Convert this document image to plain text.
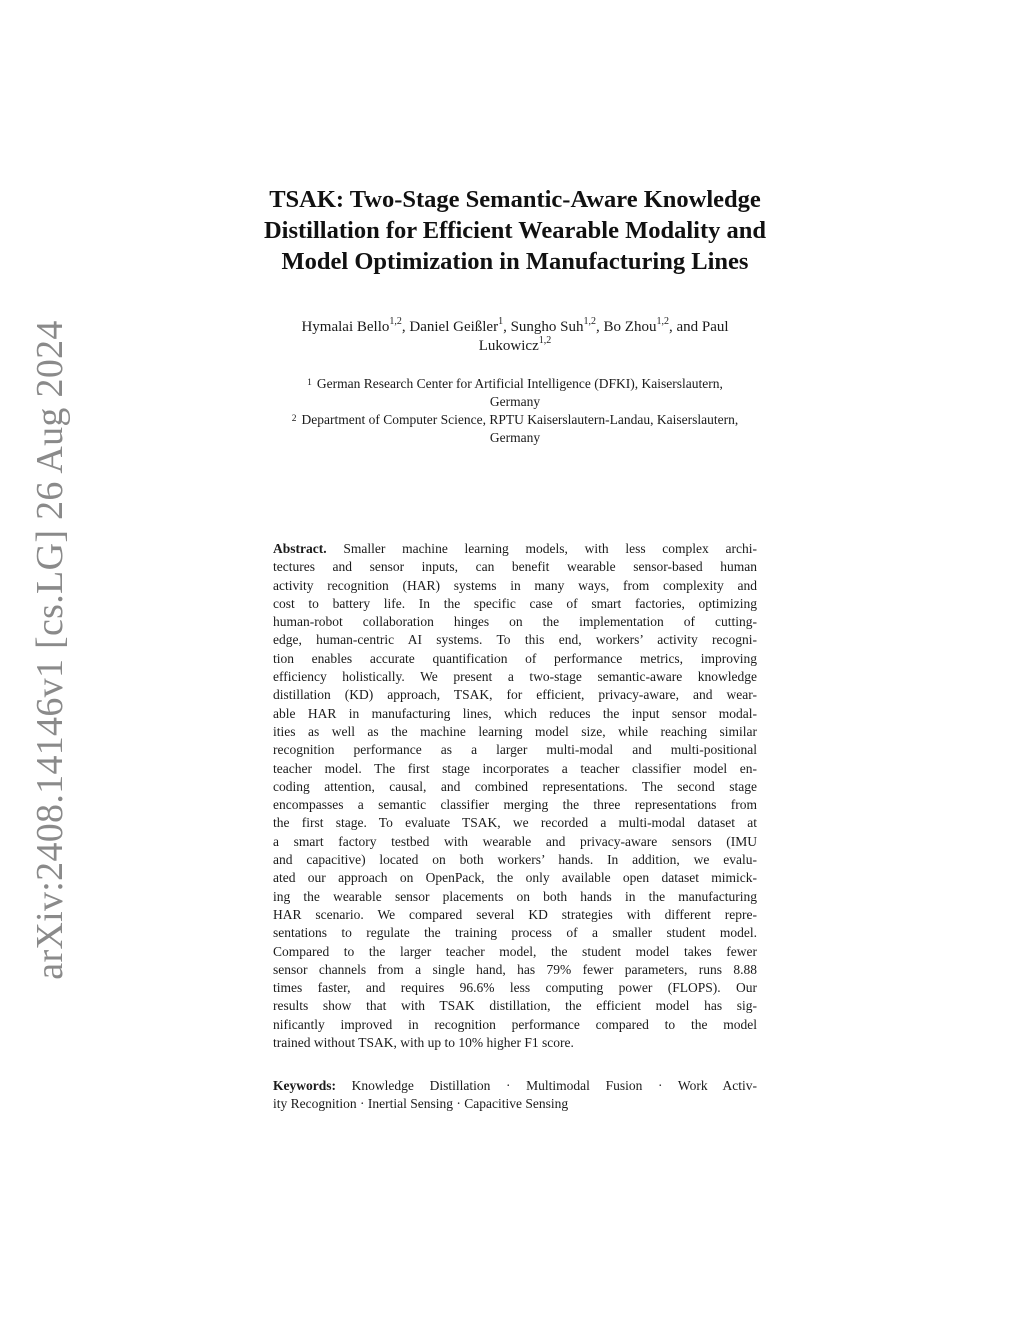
arXiv:2408.14146v1 [cs.LG] 26 Aug 2024
TSAK: Two-Stage Semantic-Aware Knowledge
Distillation for Efficient Wearable Modality and
Model Optimization in Manufacturing Lines
Hymalai Bello$^{1,2}$, Daniel Geißler$^1$, Sungho Suh$^{1,2}$, Bo Zhou$^{1,2}$, and Paul
Lukowicz$^{1,2}$
$^1$ German Research Center for Artificial Intelligence (DFKI), Kaiserslautern,
Germany
$^2$ Department of Computer Science, RPTU Kaiserslautern-Landau, Kaiserslautern,
Germany
Abstract. Smaller machine learning models, with less complex archi-
tectures and sensor inputs, can benefit wearable sensor-based human
activity recognition (HAR) systems in many ways, from complexity and
cost to battery life. In the specific case of smart factories, optimizing
human-robot collaboration hinges on the implementation of cutting-
edge, human-centric AI systems. To this end, workers’ activity recogni-
tion enables accurate quantification of performance metrics, improving
efficiency holistically. We present a two-stage semantic-aware knowledge
distillation (KD) approach, TSAK, for efficient, privacy-aware, and wear-
able HAR in manufacturing lines, which reduces the input sensor modal-
ities as well as the machine learning model size, while reaching similar
recognition performance as a larger multi-modal and multi-positional
teacher model. The first stage incorporates a teacher classifier model en-
coding attention, causal, and combined representations. The second stage
encompasses a semantic classifier merging the three representations from
the first stage. To evaluate TSAK, we recorded a multi-modal dataset at
a smart factory testbed with wearable and privacy-aware sensors (IMU
and capacitive) located on both workers’ hands. In addition, we evalu-
ated our approach on OpenPack, the only available open dataset mimick-
ing the wearable sensor placements on both hands in the manufacturing
HAR scenario. We compared several KD strategies with different repre-
sentations to regulate the training process of a smaller student model.
Compared to the larger teacher model, the student model takes fewer
sensor channels from a single hand, has 79% fewer parameters, runs 8.88
times faster, and requires 96.6% less computing power (FLOPS). Our
results show that with TSAK distillation, the efficient model has sig-
nificantly improved in recognition performance compared to the model
trained without TSAK, with up to 10% higher F1 score.
Keywords: Knowledge Distillation · Multimodal Fusion · Work Activ-
ity Recognition · Inertial Sensing · Capacitive Sensing
